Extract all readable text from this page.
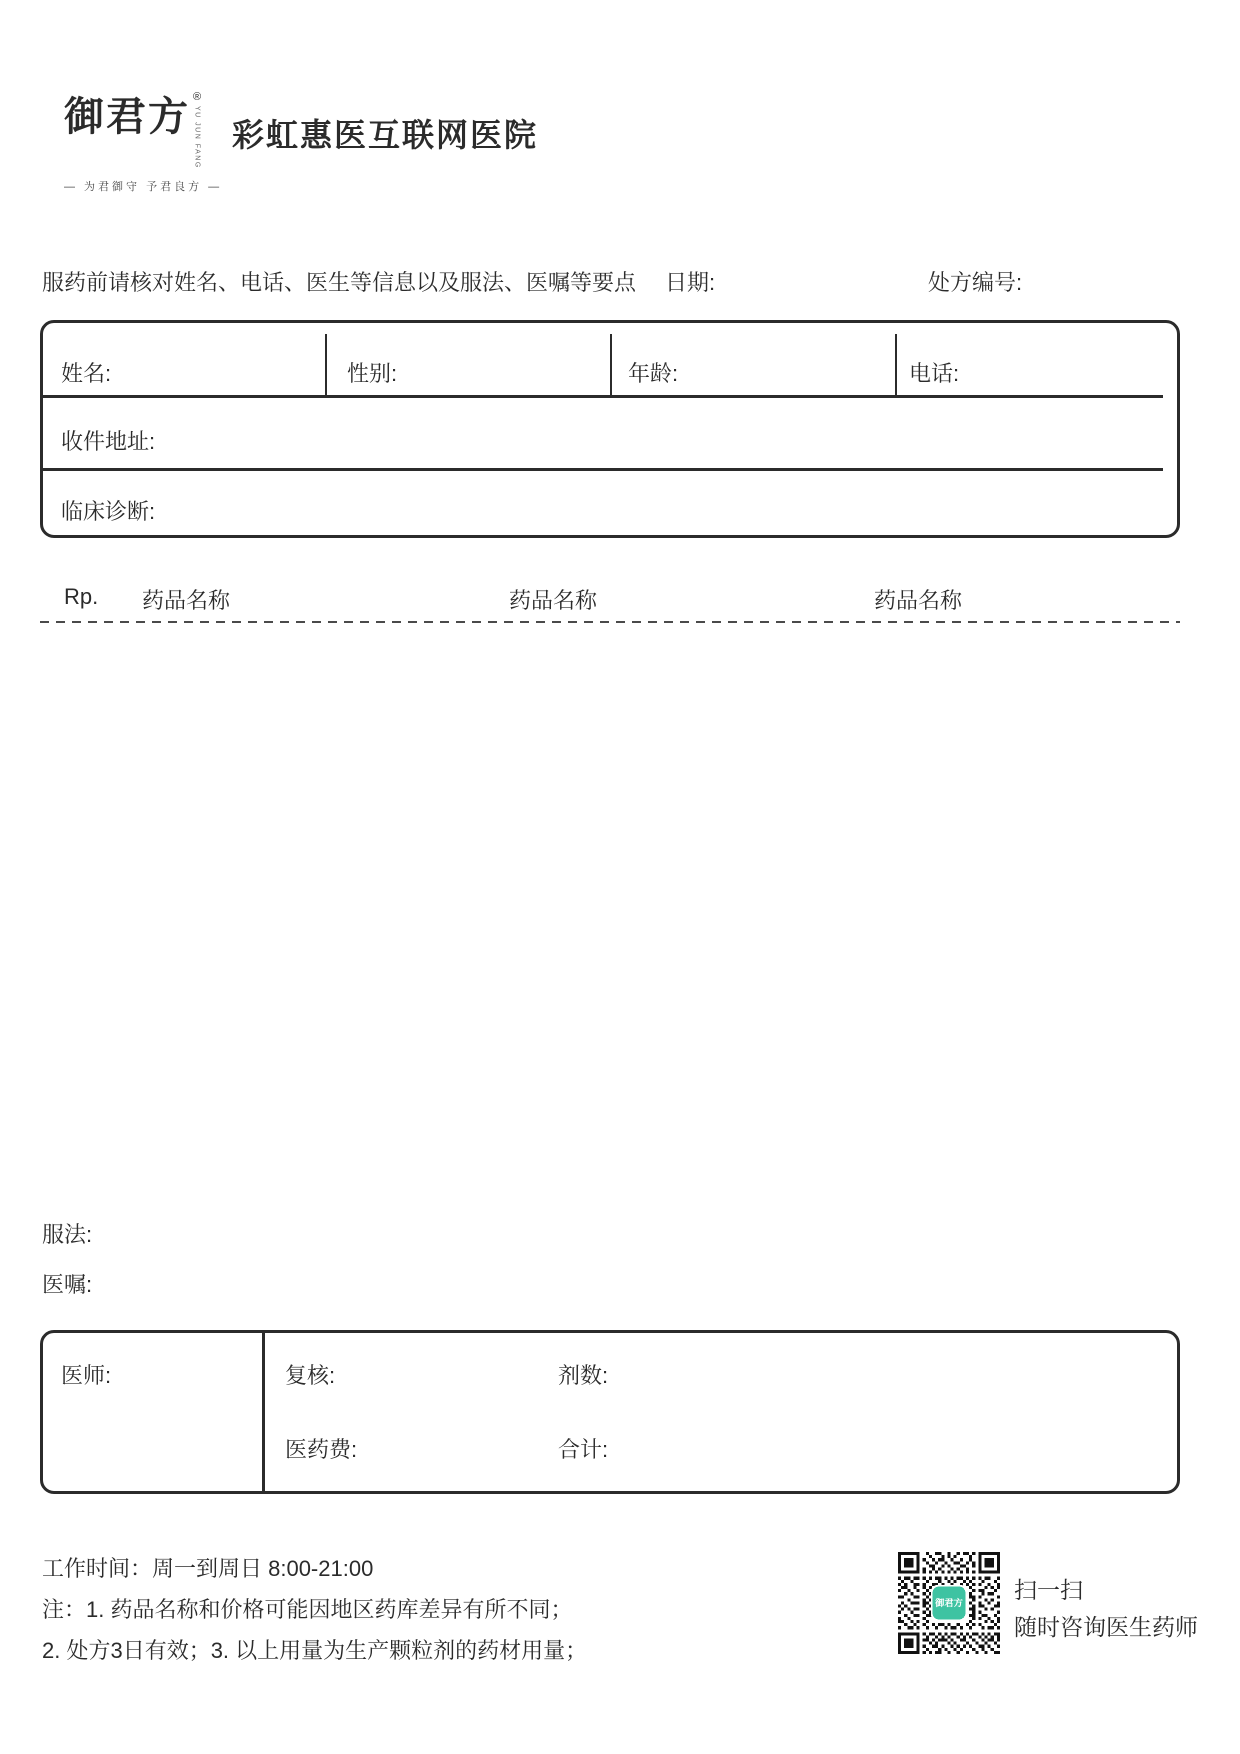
御君方 ®
YU JUN FANG
— 为君御守 予君良方 —
彩虹惠医互联网医院
服药前请核对姓名、电话、医生等信息以及服法、医嘱等要点 日期:	处方编号:
姓名:	性别:	年龄:	电话:
收件地址:
临床诊断:
Rp. 药品名称	药品名称	药品名称
服法:
医嘱:
医师:	复核:	剂数:
医药费:	合计:
工作时间：周一到周日 8:00-21:00
注：1. 药品名称和价格可能因地区药库差异有所不同；
2. 处方3日有效；3. 以上用量为生产颗粒剂的药材用量；
御君方 扫一扫
随时咨询医生药师
